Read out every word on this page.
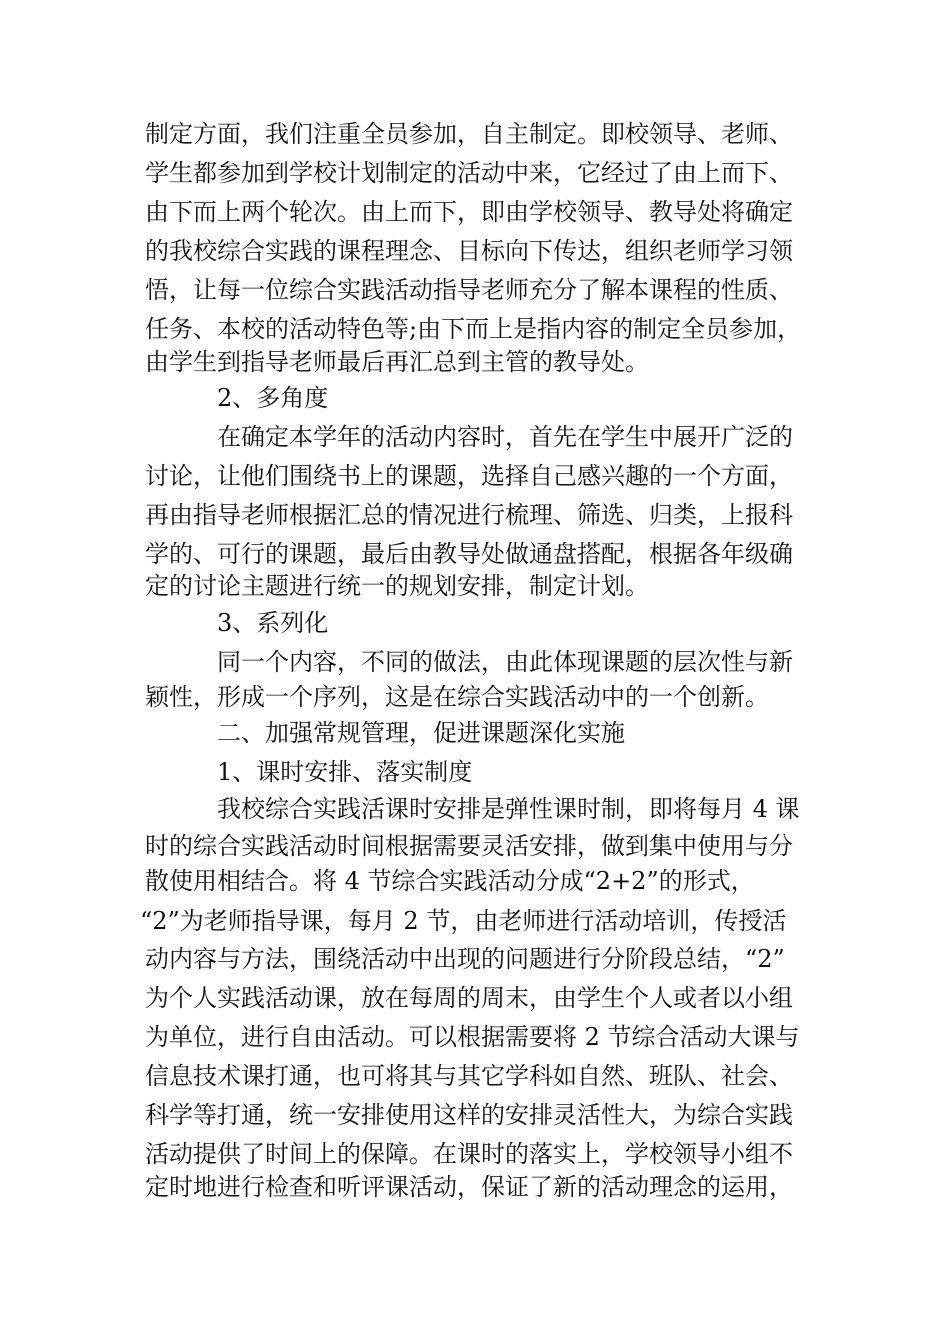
制定方面，我们注重全员参加，自主制定。即校领导、老师、
学生都参加到学校计划制定的活动中来，它经过了由上而下、
由下而上两个轮次。由上而下，即由学校领导、教导处将确定
的我校综合实践的课程理念、目标向下传达，组织老师学习领
悟，让每一位综合实践活动指导老师充分了解本课程的性质、
任务、本校的活动特色等;由下而上是指内容的制定全员参加，
由学生到指导老师最后再汇总到主管的教导处。
2、多角度
在确定本学年的活动内容时，首先在学生中展开广泛的
讨论，让他们围绕书上的课题，选择自己感兴趣的一个方面，
再由指导老师根据汇总的情况进行梳理、筛选、归类，上报科
学的、可行的课题，最后由教导处做通盘搭配，根据各年级确
定的讨论主题进行统一的规划安排，制定计划。
3、系列化
同一个内容，不同的做法，由此体现课题的层次性与新
颖性，形成一个序列，这是在综合实践活动中的一个创新。
二、加强常规管理，促进课题深化实施
1、课时安排、落实制度
我校综合实践活课时安排是弹性课时制，即将每月 4 课
时的综合实践活动时间根据需要灵活安排，做到集中使用与分
散使用相结合。将 4 节综合实践活动分成“2+2”的形式，
“2”为老师指导课，每月 2 节，由老师进行活动培训，传授活
动内容与方法，围绕活动中出现的问题进行分阶段总结，“2”
为个人实践活动课，放在每周的周末，由学生个人或者以小组
为单位，进行自由活动。可以根据需要将 2 节综合活动大课与
信息技术课打通，也可将其与其它学科如自然、班队、社会、
科学等打通，统一安排使用这样的安排灵活性大，为综合实践
活动提供了时间上的保障。在课时的落实上，学校领导小组不
定时地进行检查和听评课活动，保证了新的活动理念的运用，
